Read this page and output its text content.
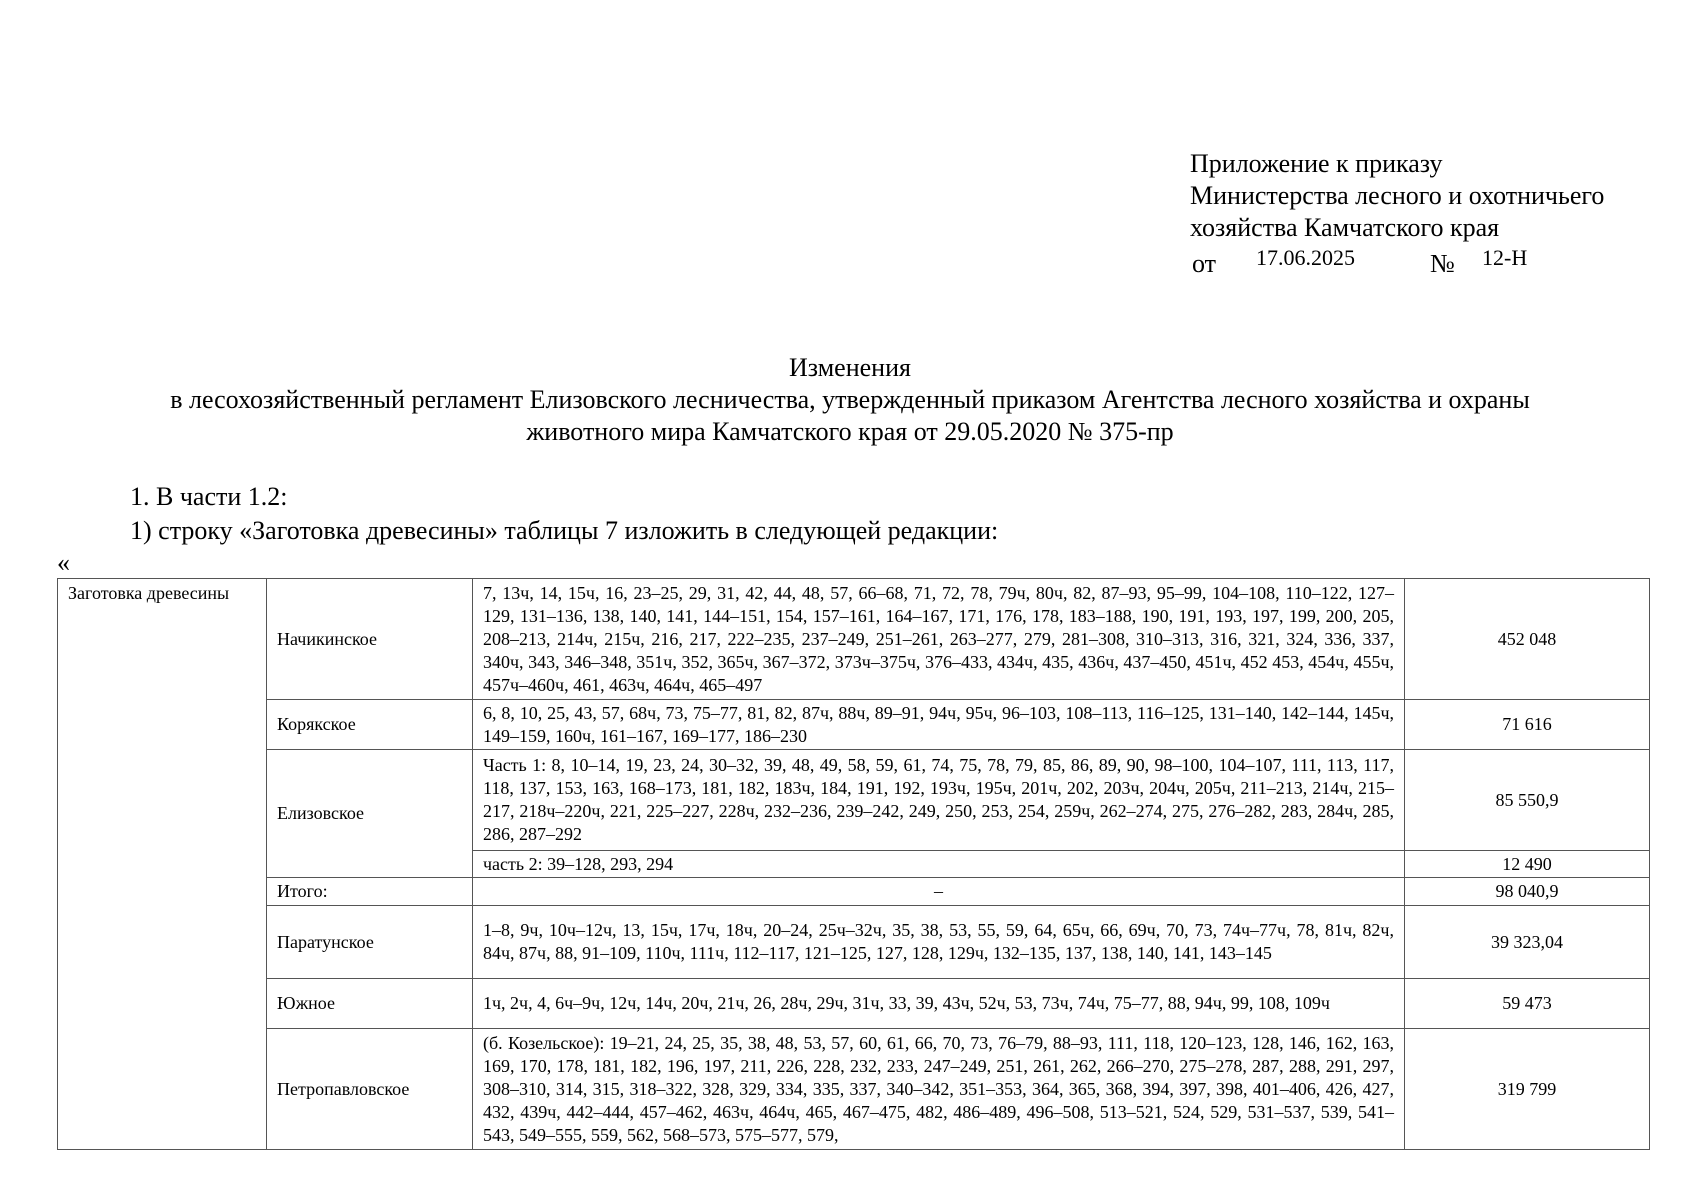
Приложение к приказу
Министерства лесного и охотничьего
хозяйства Камчатского края
от 17.06.2025	№ 12-Н
Изменения
в лесохозяйственный регламент Елизовского лесничества, утвержденный приказом Агентства лесного хозяйства и охраны
животного мира Камчатского края от 29.05.2020 № 375-пр
1. В части 1.2:
1) строку «Заготовка древесины» таблицы 7 изложить в следующей редакции:
«
Заготовка древесины	Начикинское	7, 13ч, 14, 15ч, 16, 23–25, 29, 31, 42, 44, 48, 57, 66–68, 71, 72, 78, 79ч, 80ч, 82, 87–93, 95–99, 104–108, 110–122, 127–129, 131–136, 138, 140, 141, 144–151, 154, 157–161, 164–167, 171, 176, 178, 183–188, 190, 191, 193, 197, 199, 200, 205, 208–213, 214ч, 215ч, 216, 217, 222–235, 237–249, 251–261, 263–277, 279, 281–308, 310–313, 316, 321, 324, 336, 337, 340ч, 343, 346–348, 351ч, 352, 365ч, 367–372, 373ч–375ч, 376–433, 434ч, 435, 436ч, 437–450, 451ч, 452 453, 454ч, 455ч, 457ч–460ч, 461, 463ч, 464ч, 465–497	452 048
	Корякское	6, 8, 10, 25, 43, 57, 68ч, 73, 75–77, 81, 82, 87ч, 88ч, 89–91, 94ч, 95ч, 96–103, 108–113, 116–125, 131–140, 142–144, 145ч, 149–159, 160ч, 161–167, 169–177, 186–230	71 616
	Елизовское	Часть 1: 8, 10–14, 19, 23, 24, 30–32, 39, 48, 49, 58, 59, 61, 74, 75, 78, 79, 85, 86, 89, 90, 98–100, 104–107, 111, 113, 117, 118, 137, 153, 163, 168–173, 181, 182, 183ч, 184, 191, 192, 193ч, 195ч, 201ч, 202, 203ч, 204ч, 205ч, 211–213, 214ч, 215–217, 218ч–220ч, 221, 225–227, 228ч, 232–236, 239–242, 249, 250, 253, 254, 259ч, 262–274, 275, 276–282, 283, 284ч, 285, 286, 287–292	85 550,9
		часть 2: 39–128, 293, 294	12 490
	Итого:	–	98 040,9
	Паратунское	1–8, 9ч, 10ч–12ч, 13, 15ч, 17ч, 18ч, 20–24, 25ч–32ч, 35, 38, 53, 55, 59, 64, 65ч, 66, 69ч, 70, 73, 74ч–77ч, 78, 81ч, 82ч, 84ч, 87ч, 88, 91–109, 110ч, 111ч, 112–117, 121–125, 127, 128, 129ч, 132–135, 137, 138, 140, 141, 143–145	39 323,04
	Южное	1ч, 2ч, 4, 6ч–9ч, 12ч, 14ч, 20ч, 21ч, 26, 28ч, 29ч, 31ч, 33, 39, 43ч, 52ч, 53, 73ч, 74ч, 75–77, 88, 94ч, 99, 108, 109ч	59 473
	Петропавловское	(б. Козельское): 19–21, 24, 25, 35, 38, 48, 53, 57, 60, 61, 66, 70, 73, 76–79, 88–93, 111, 118, 120–123, 128, 146, 162, 163, 169, 170, 178, 181, 182, 196, 197, 211, 226, 228, 232, 233, 247–249, 251, 261, 262, 266–270, 275–278, 287, 288, 291, 297, 308–310, 314, 315, 318–322, 328, 329, 334, 335, 337, 340–342, 351–353, 364, 365, 368, 394, 397, 398, 401–406, 426, 427, 432, 439ч, 442–444, 457–462, 463ч, 464ч, 465, 467–475, 482, 486–489, 496–508, 513–521, 524, 529, 531–537, 539, 541–543, 549–555, 559, 562, 568–573, 575–577, 579,	319 799
